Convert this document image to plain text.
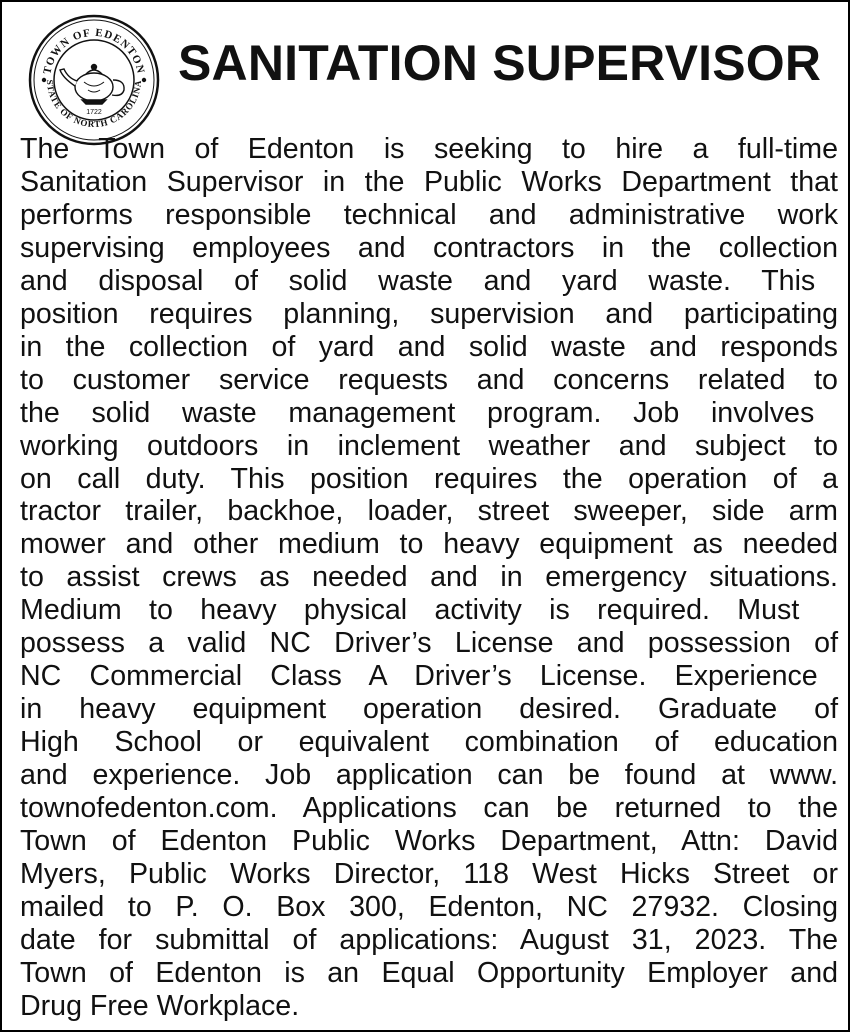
TOWN OF EDENTON
STATE OF NORTH CAROLINA
1722
SANITATION SUPERVISOR

The Town of Edenton is seeking to hire a full-time
Sanitation Supervisor in the Public Works Department that
performs responsible technical and administrative work
supervising employees and contractors in the collection
and disposal of solid waste and yard waste. This
position requires planning, supervision and participating
in the collection of yard and solid waste and responds
to customer service requests and concerns related to
the solid waste management program. Job involves
working outdoors in inclement weather and subject to
on call duty. This position requires the operation of a
tractor trailer, backhoe, loader, street sweeper, side arm
mower and other medium to heavy equipment as needed
to assist crews as needed and in emergency situations.
Medium to heavy physical activity is required. Must
possess a valid NC Driver’s License and possession of
NC Commercial Class A Driver’s License. Experience
in heavy equipment operation desired. Graduate of
High School or equivalent combination of education
and experience. Job application can be found at www.
townofedenton.com. Applications can be returned to the
Town of Edenton Public Works Department, Attn: David
Myers, Public Works Director, 118 West Hicks Street or
mailed to P. O. Box 300, Edenton, NC 27932. Closing
date for submittal of applications: August 31, 2023. The
Town of Edenton is an Equal Opportunity Employer and
Drug Free Workplace.
